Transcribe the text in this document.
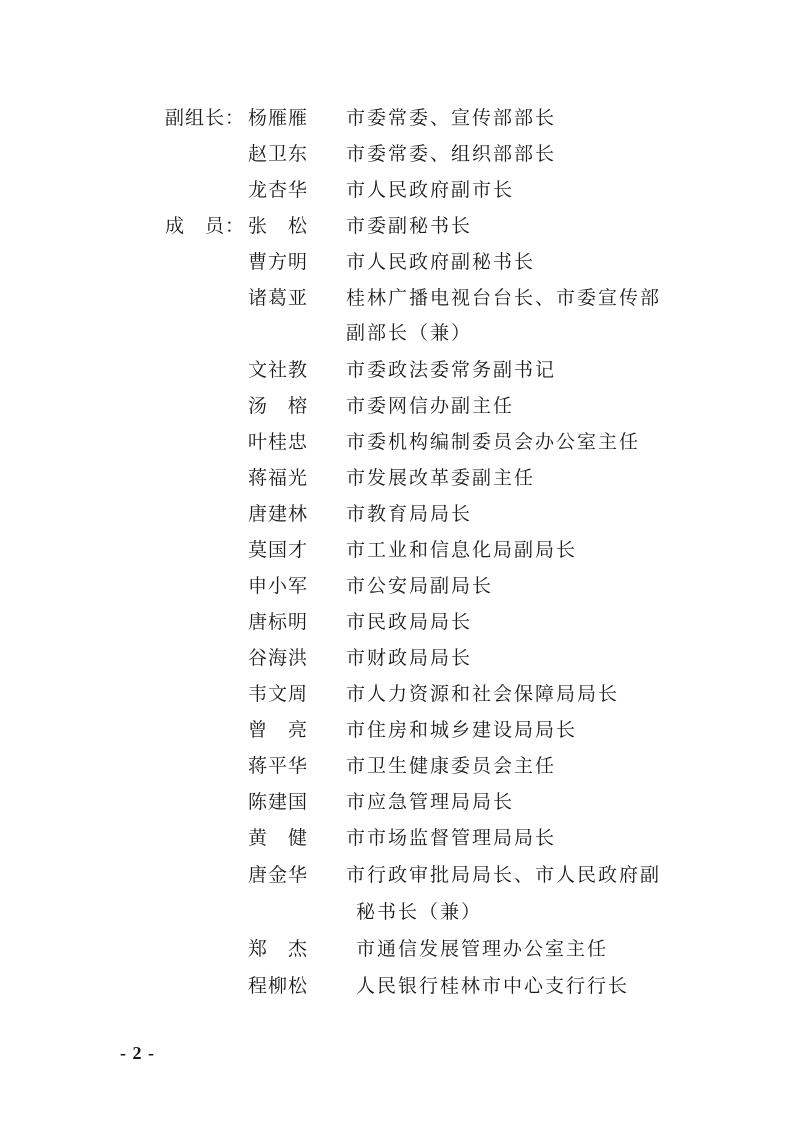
副组长： 杨雁雁 市委常委、宣传部部长
赵卫东 市委常委、组织部部长
龙杏华 市人民政府副市长
成　员： 张　松 市委副秘书长
曹方明 市人民政府副秘书长
诸葛亚 桂林广播电视台台长、市委宣传部
副部长（兼）
文社教 市委政法委常务副书记
汤　榕 市委网信办副主任
叶桂忠 市委机构编制委员会办公室主任
蒋福光 市发展改革委副主任
唐建林 市教育局局长
莫国才 市工业和信息化局副局长
申小军 市公安局副局长
唐标明 市民政局局长
谷海洪 市财政局局长
韦文周 市人力资源和社会保障局局长
曾　亮 市住房和城乡建设局局长
蒋平华 市卫生健康委员会主任
陈建国 市应急管理局局长
黄　健 市市场监督管理局局长
唐金华 市行政审批局局长、市人民政府副
秘书长（兼）
郑　杰	市通信发展管理办公室主任
程柳松	人民银行桂林市中心支行行长
- 2 -
